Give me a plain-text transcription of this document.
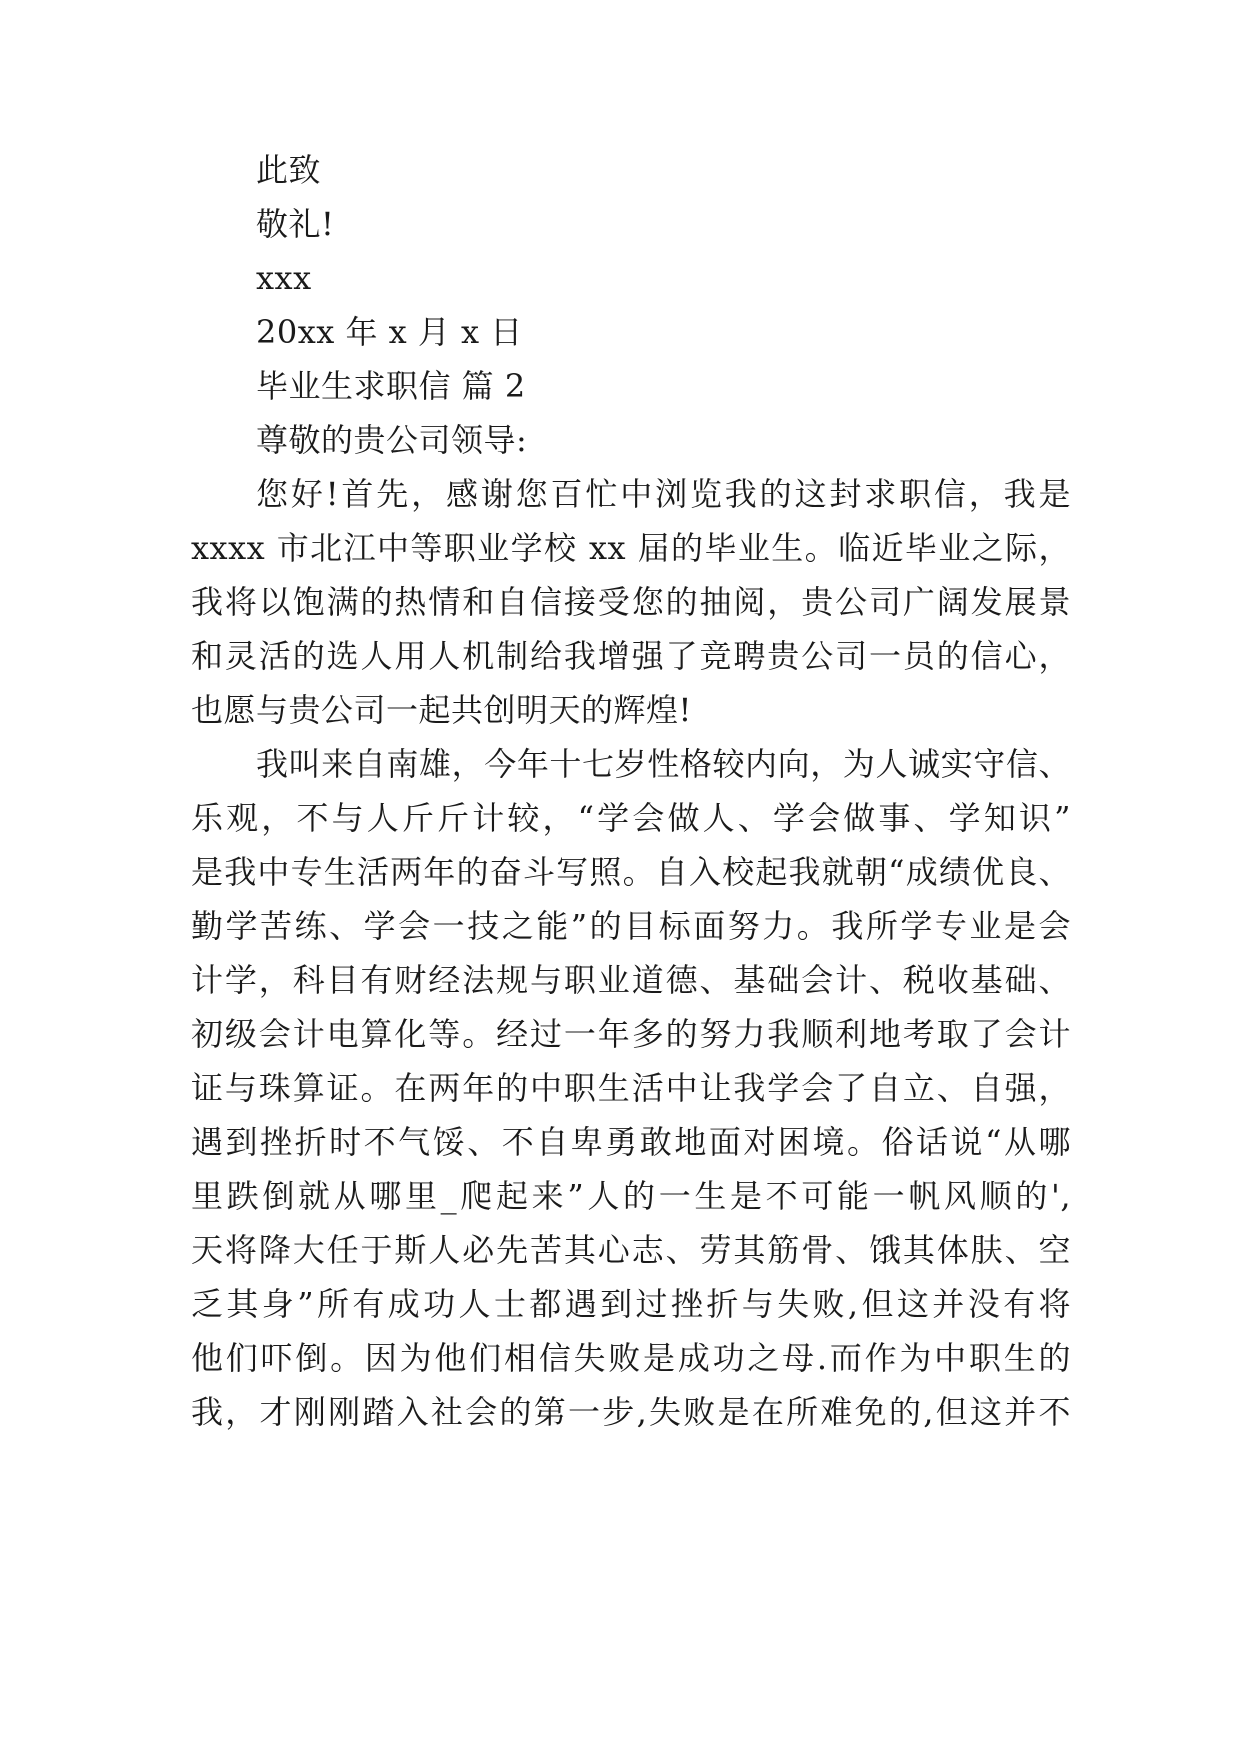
此致
敬礼!
xxx
20xx 年 x 月 x 日
毕业生求职信 篇 2
尊敬的贵公司领导:
您好!首先，感谢您百忙中浏览我的这封求职信，我是
xxxx 市北江中等职业学校 xx 届的毕业生。临近毕业之际，
我将以饱满的热情和自信接受您的抽阅，贵公司广阔发展景
和灵活的选人用人机制给我增强了竞聘贵公司一员的信心，
也愿与贵公司一起共创明天的辉煌!
我叫来自南雄，今年十七岁性格较内向，为人诚实守信、
乐观，不与人斤斤计较，“学会做人、学会做事、学知识”
是我中专生活两年的奋斗写照。自入校起我就朝“成绩优良、
勤学苦练、学会一技之能”的目标面努力。我所学专业是会
计学，科目有财经法规与职业道德、基础会计、税收基础、
初级会计电算化等。经过一年多的努力我顺利地考取了会计
证与珠算证。在两年的中职生活中让我学会了自立、自强，
遇到挫折时不气馁、不自卑勇敢地面对困境。俗话说“从哪
里跌倒就从哪里_爬起来”人的一生是不可能一帆风顺的',
天将降大任于斯人必先苦其心志、劳其筋骨、饿其体肤、空
乏其身”所有成功人士都遇到过挫折与失败,但这并没有将
他们吓倒。因为他们相信失败是成功之母.而作为中职生的
我，才刚刚踏入社会的第一步,失败是在所难免的,但这并不
